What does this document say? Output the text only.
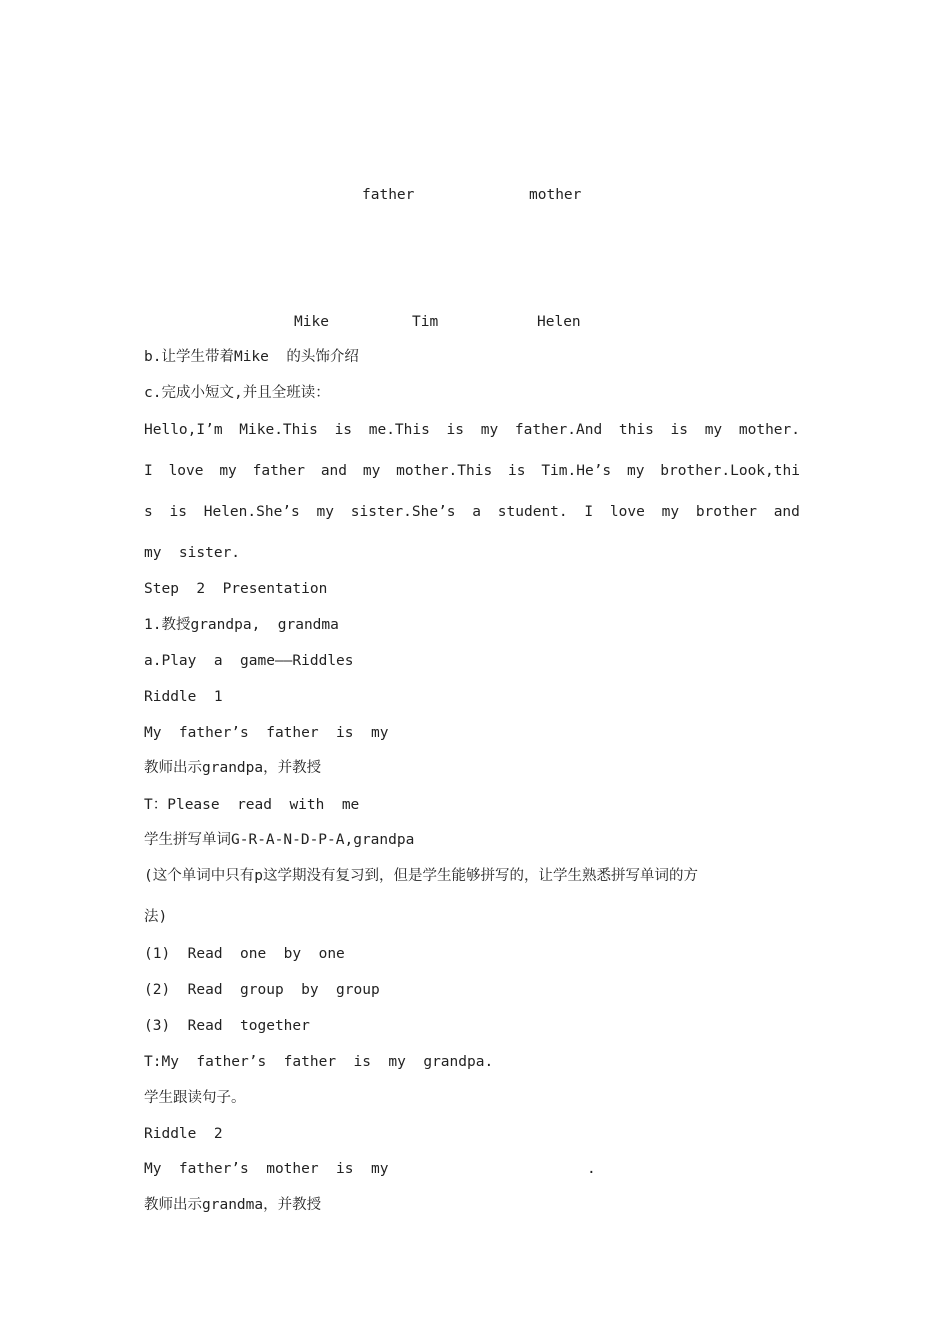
father	mother
Mike	Tim	Helen
b.让学生带着Mike  的头饰介绍
c.完成小短文,并且全班读：
Hello,I’m Mike.This is me.This is my father.And this is my mother.
I love my father and my mother.This is Tim.He’s my brother.Look,thi
s is Helen.She’s my sister.She’s a student. I love my brother and
my  sister.
Step  2  Presentation
1.教授grandpa,  grandma
a.Play  a  game——Riddles
Riddle  1
My  father’s  father  is  my
教师出示grandpa，并教授
T：Please  read  with  me
学生拼写单词G-R-A-N-D-P-A,grandpa
(这个单词中只有p这学期没有复习到，但是学生能够拼写的，让学生熟悉拼写单词的方
法)
(1)  Read  one  by  one
(2)  Read  group  by  group
(3)  Read  together
T:My  father’s  father  is  my  grandpa.
学生跟读句子。
Riddle  2
My  father’s  mother  is  my	.
教师出示grandma，并教授
